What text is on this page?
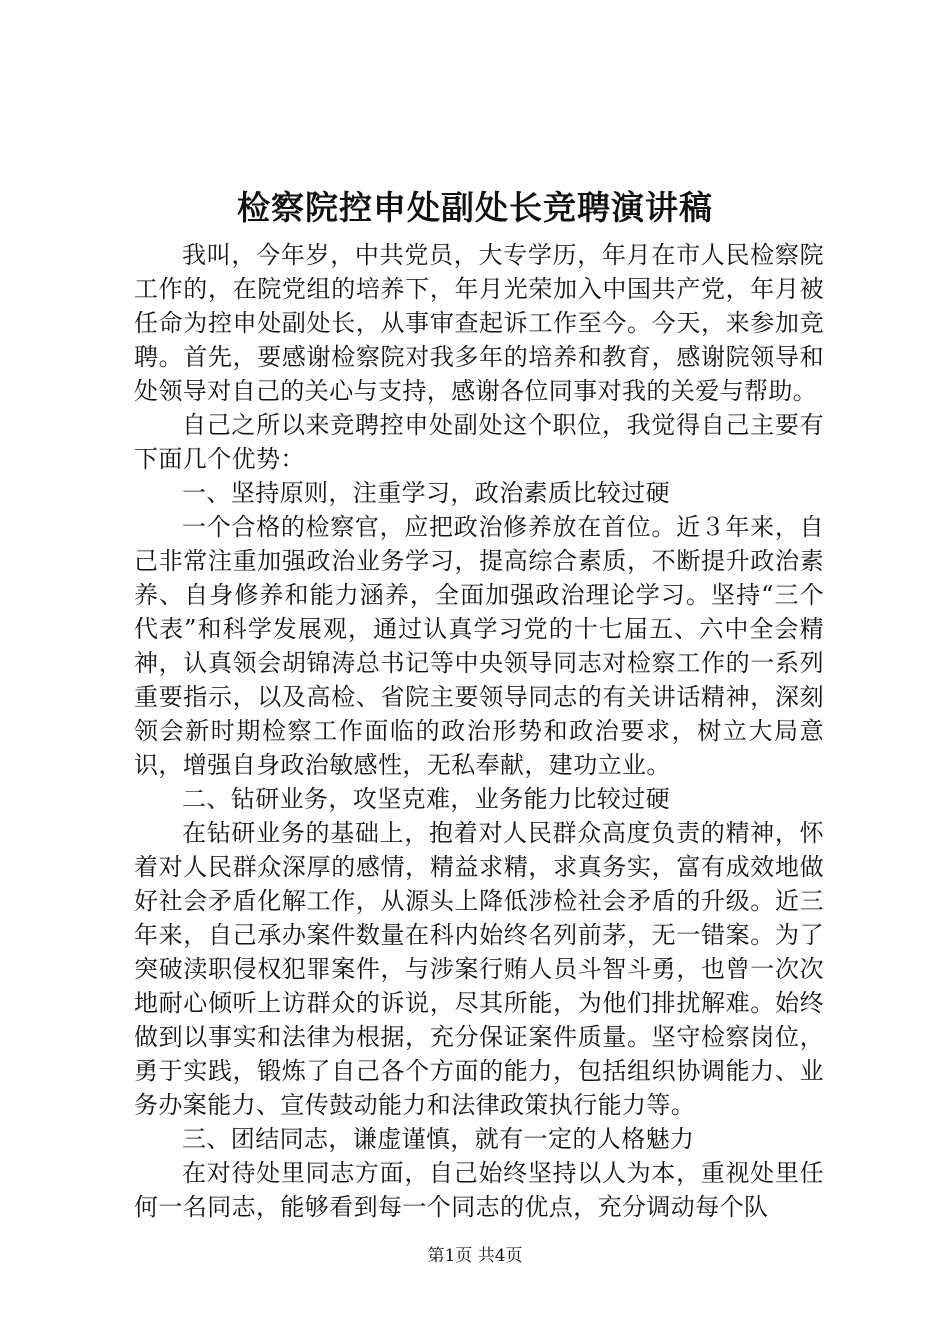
检察院控申处副处长竞聘演讲稿

我叫，今年岁，中共党员，大专学历，年月在市人民检察院工作的，在院党组的培养下，年月光荣加入中国共产党，年月被任命为控申处副处长，从事审查起诉工作至今。今天，来参加竞聘。首先，要感谢检察院对我多年的培养和教育，感谢院领导和处领导对自己的关心与支持，感谢各位同事对我的关爱与帮助。

自己之所以来竞聘控申处副处这个职位，我觉得自己主要有下面几个优势：

一、坚持原则，注重学习，政治素质比较过硬

一个合格的检察官，应把政治修养放在首位。近３年来，自己非常注重加强政治业务学习，提高综合素质，不断提升政治素养、自身修养和能力涵养，全面加强政治理论学习。坚持“三个代表”和科学发展观，通过认真学习党的十七届五、六中全会精神，认真领会胡锦涛总书记等中央领导同志对检察工作的一系列重要指示，以及高检、省院主要领导同志的有关讲话精神，深刻领会新时期检察工作面临的政治形势和政治要求，树立大局意识，增强自身政治敏感性，无私奉献，建功立业。

二、钻研业务，攻坚克难，业务能力比较过硬

在钻研业务的基础上，抱着对人民群众高度负责的精神，怀着对人民群众深厚的感情，精益求精，求真务实，富有成效地做好社会矛盾化解工作，从源头上降低涉检社会矛盾的升级。近三年来，自己承办案件数量在科内始终名列前茅，无一错案。为了突破渎职侵权犯罪案件，与涉案行贿人员斗智斗勇，也曾一次次地耐心倾听上访群众的诉说，尽其所能，为他们排扰解难。始终做到以事实和法律为根据，充分保证案件质量。坚守检察岗位，勇于实践，锻炼了自己各个方面的能力，包括组织协调能力、业务办案能力、宣传鼓动能力和法律政策执行能力等。

三、团结同志，谦虚谨慎，就有一定的人格魅力

在对待处里同志方面，自己始终坚持以人为本，重视处里任何一名同志，能够看到每一个同志的优点，充分调动每个队

第1页 共4页
